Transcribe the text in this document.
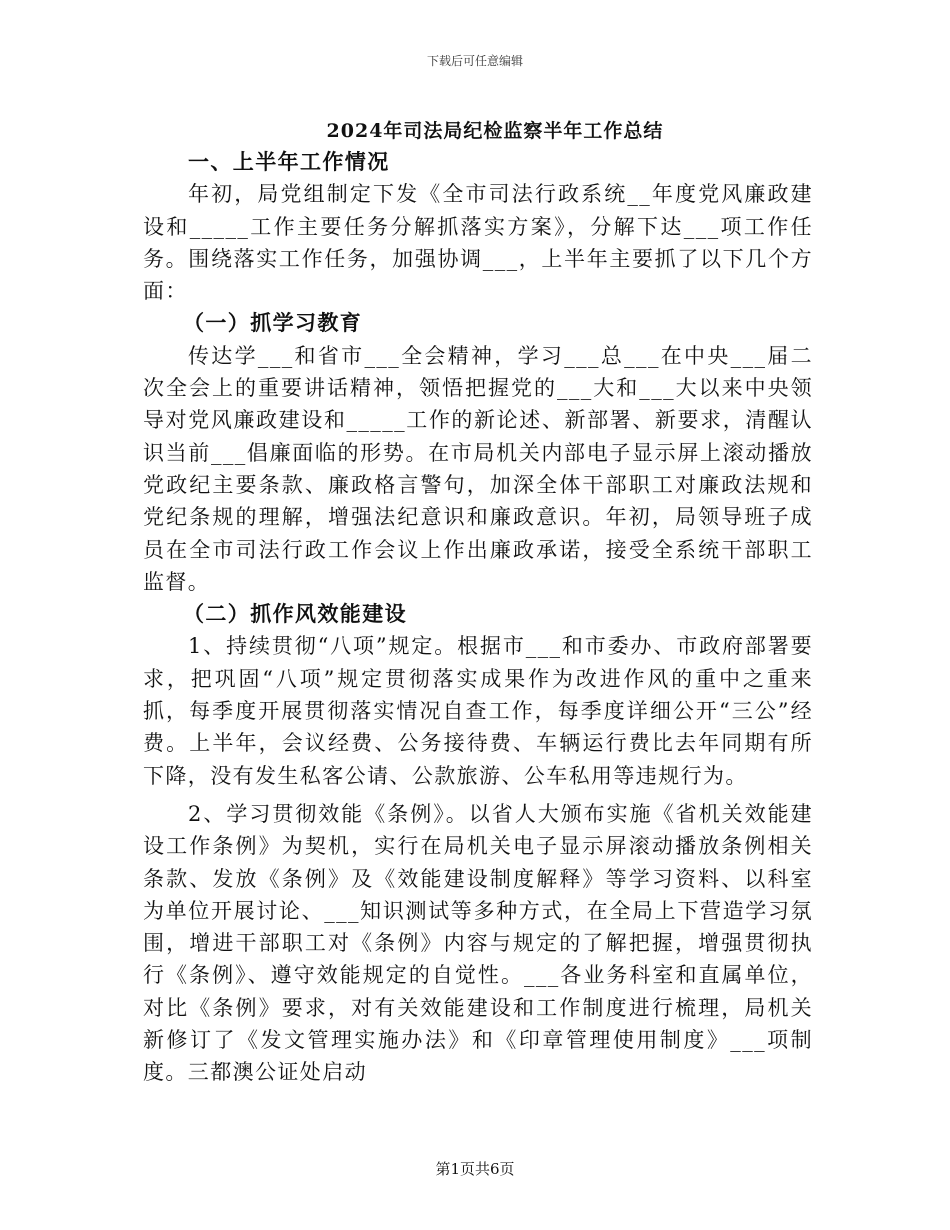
下载后可任意编辑
2024年司法局纪检监察半年工作总结
一、上半年工作情况

年初，局党组制定下发《全市司法行政系统__年度党风廉政建设和_____工作主要任务分解抓落实方案》，分解下达___项工作任务。围绕落实工作任务，加强协调___，上半年主要抓了以下几个方面：

（一）抓学习教育

传达学___和省市___全会精神，学习___总___在中央___届二次全会上的重要讲话精神，领悟把握党的___大和___大以来中央领导对党风廉政建设和_____工作的新论述、新部署、新要求，清醒认识当前___倡廉面临的形势。在市局机关内部电子显示屏上滚动播放党政纪主要条款、廉政格言警句，加深全体干部职工对廉政法规和党纪条规的理解，增强法纪意识和廉政意识。年初，局领导班子成员在全市司法行政工作会议上作出廉政承诺，接受全系统干部职工监督。

（二）抓作风效能建设

1、持续贯彻“八项”规定。根据市___和市委办、市政府部署要求，把巩固“八项”规定贯彻落实成果作为改进作风的重中之重来抓，每季度开展贯彻落实情况自查工作，每季度详细公开“三公”经费。上半年，会议经费、公务接待费、车辆运行费比去年同期有所下降，没有发生私客公请、公款旅游、公车私用等违规行为。

2、学习贯彻效能《条例》。以省人大颁布实施《省机关效能建设工作条例》为契机，实行在局机关电子显示屏滚动播放条例相关条款、发放《条例》及《效能建设制度解释》等学习资料、以科室为单位开展讨论、___知识测试等多种方式，在全局上下营造学习氛围，增进干部职工对《条例》内容与规定的了解把握，增强贯彻执行《条例》、遵守效能规定的自觉性。___各业务科室和直属单位，对比《条例》要求，对有关效能建设和工作制度进行梳理，局机关新修订了《发文管理实施办法》和《印章管理使用制度》___项制度。三都澳公证处启动

第1页共6页
